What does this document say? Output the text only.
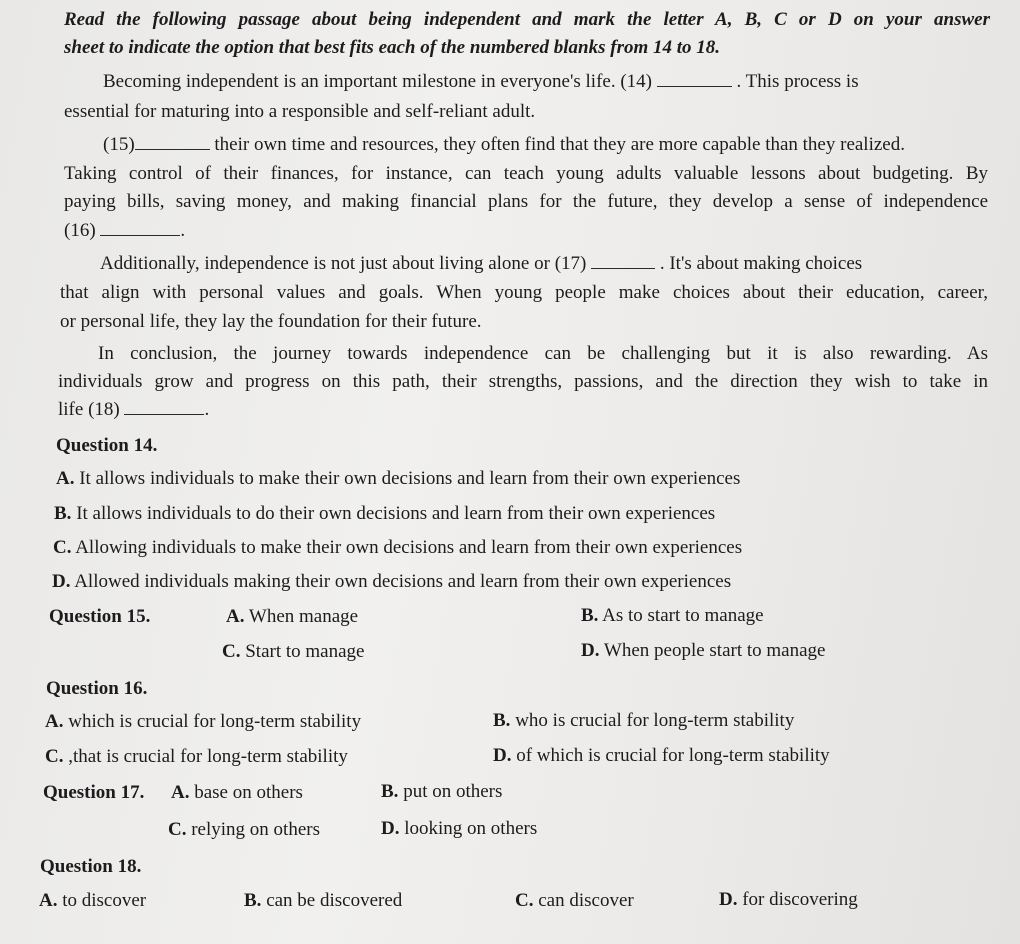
Read the following passage about being independent and mark the letter A, B, C or D on your answer
sheet to indicate the option that best fits each of the numbered blanks from 14 to 18.
Becoming independent is an important milestone in everyone's life. (14)	. This process is
essential for maturing into a responsible and self-reliant adult.
(15)	their own time and resources, they often find that they are more capable than they realized.
Taking control of their finances, for instance, can teach young adults valuable lessons about budgeting. By
paying bills, saving money, and making financial plans for the future, they develop a sense of independence
(16)	.
Additionally, independence is not just about living alone or (17)	. It's about making choices
that align with personal values and goals. When young people make choices about their education, career,
or personal life, they lay the foundation for their future.
In conclusion, the journey towards independence can be challenging but it is also rewarding. As
individuals grow and progress on this path, their strengths, passions, and the direction they wish to take in
life (18)	.
Question 14.
A. It allows individuals to make their own decisions and learn from their own experiences
B. It allows individuals to do their own decisions and learn from their own experiences
C. Allowing individuals to make their own decisions and learn from their own experiences
D. Allowed individuals making their own decisions and learn from their own experiences
Question 15.	A. When manage	B. As to start to manage
C. Start to manage	D. When people start to manage
Question 16.
A. which is crucial for long-term stability	B. who is crucial for long-term stability
C. ,that is crucial for long-term stability	D. of which is crucial for long-term stability
Question 17. A. base on others	B. put on others
C. relying on others	D. looking on others
Question 18.
A. to discover	B. can be discovered	C. can discover	D. for discovering
